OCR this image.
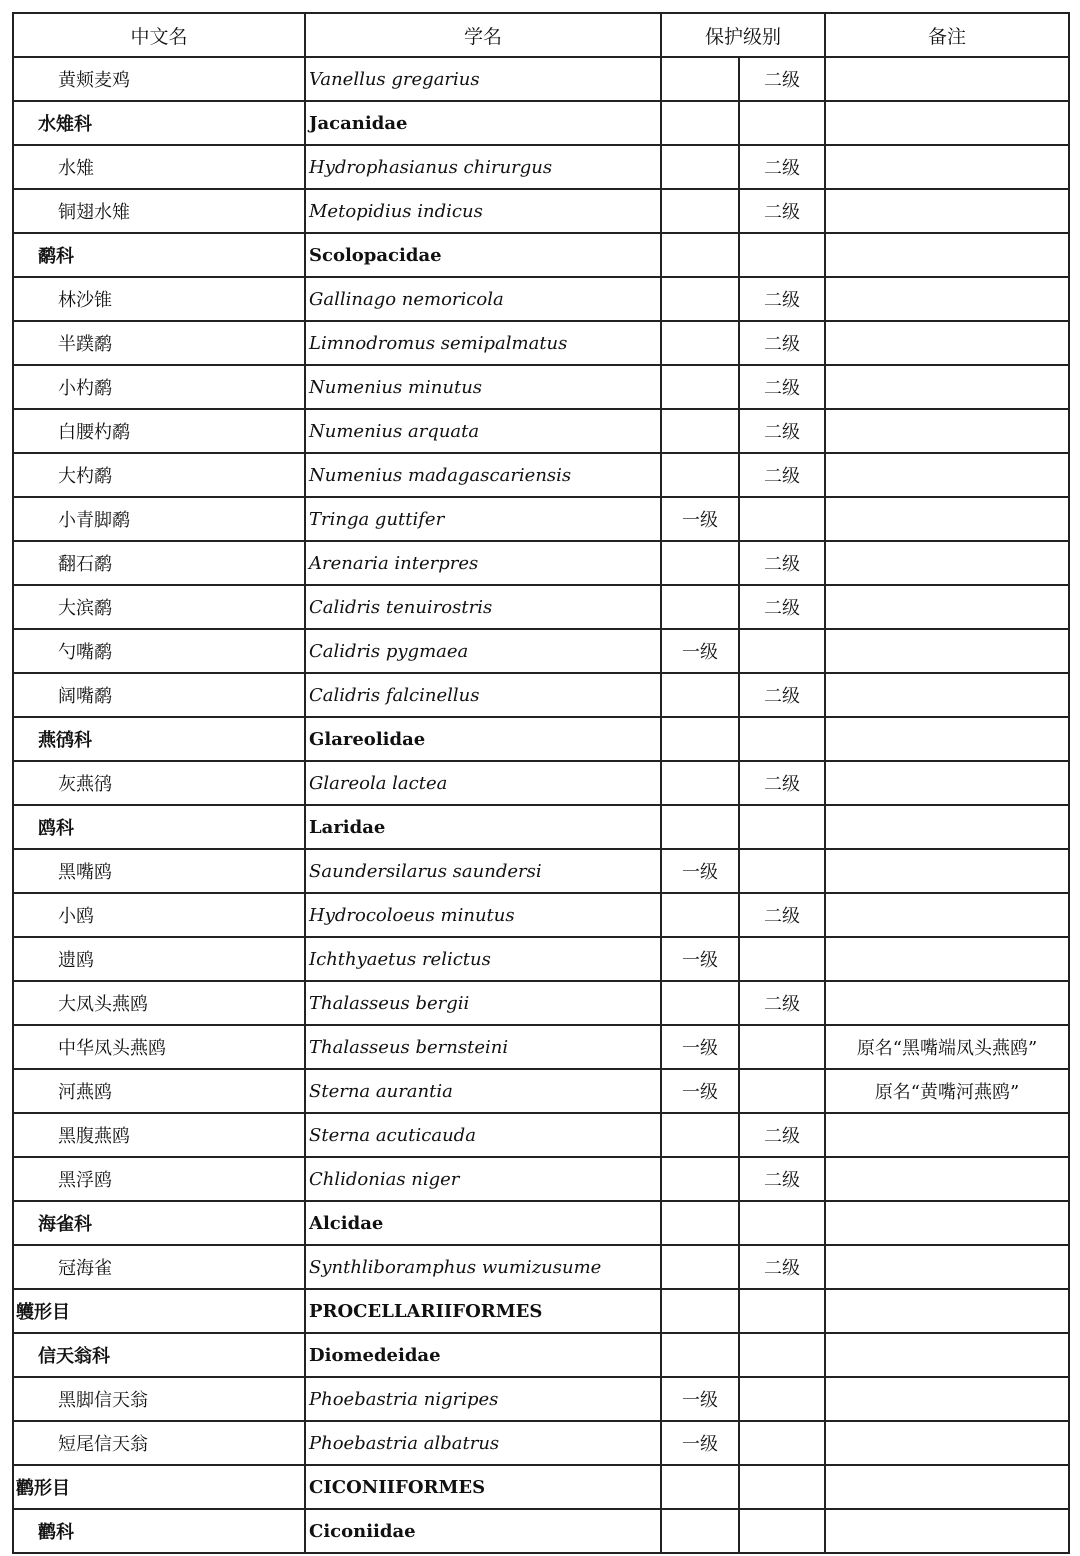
中文名	学名	保护级别		备注
黄颊麦鸡	Vanellus gregarius		二级	
水雉科	Jacanidae			
水雉	Hydrophasianus chirurgus		二级	
铜翅水雉	Metopidius indicus		二级	
鹬科	Scolopacidae			
林沙锥	Gallinago nemoricola		二级	
半蹼鹬	Limnodromus semipalmatus		二级	
小杓鹬	Numenius minutus		二级	
白腰杓鹬	Numenius arquata		二级	
大杓鹬	Numenius madagascariensis		二级	
小青脚鹬	Tringa guttifer	一级		
翻石鹬	Arenaria interpres		二级	
大滨鹬	Calidris tenuirostris		二级	
勺嘴鹬	Calidris pygmaea	一级		
阔嘴鹬	Calidris falcinellus		二级	
燕鸻科	Glareolidae			
灰燕鸻	Glareola lactea		二级	
鸥科	Laridae			
黑嘴鸥	Saundersilarus saundersi	一级		
小鸥	Hydrocoloeus minutus		二级	
遗鸥	Ichthyaetus relictus	一级		
大凤头燕鸥	Thalasseus bergii		二级	
中华凤头燕鸥	Thalasseus bernsteini	一级		原名“黑嘴端凤头燕鸥”
河燕鸥	Sterna aurantia	一级		原名“黄嘴河燕鸥”
黑腹燕鸥	Sterna acuticauda		二级	
黑浮鸥	Chlidonias niger		二级	
海雀科	Alcidae			
冠海雀	Synthliboramphus wumizusume		二级	
鹱形目	PROCELLARIIFORMES			
信天翁科	Diomedeidae			
黑脚信天翁	Phoebastria nigripes	一级		
短尾信天翁	Phoebastria albatrus	一级		
鹳形目	CICONIIFORMES			
鹳科	Ciconiidae			
